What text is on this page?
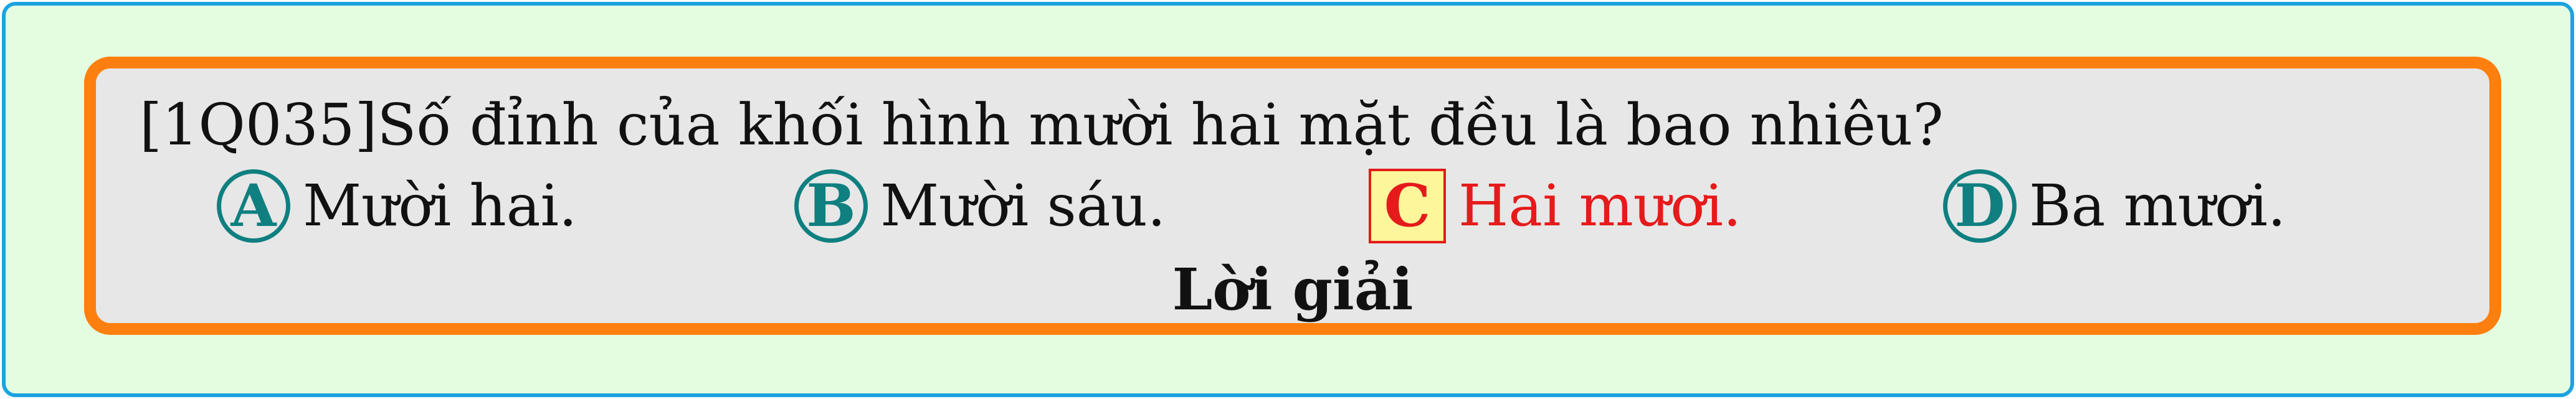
[1Q035]Số đỉnh của khối hình mười hai mặt đều là bao nhiêu?

A Mười hai.	B Mười sáu.	C Hai mươi.	D Ba mươi.

Lời giải
